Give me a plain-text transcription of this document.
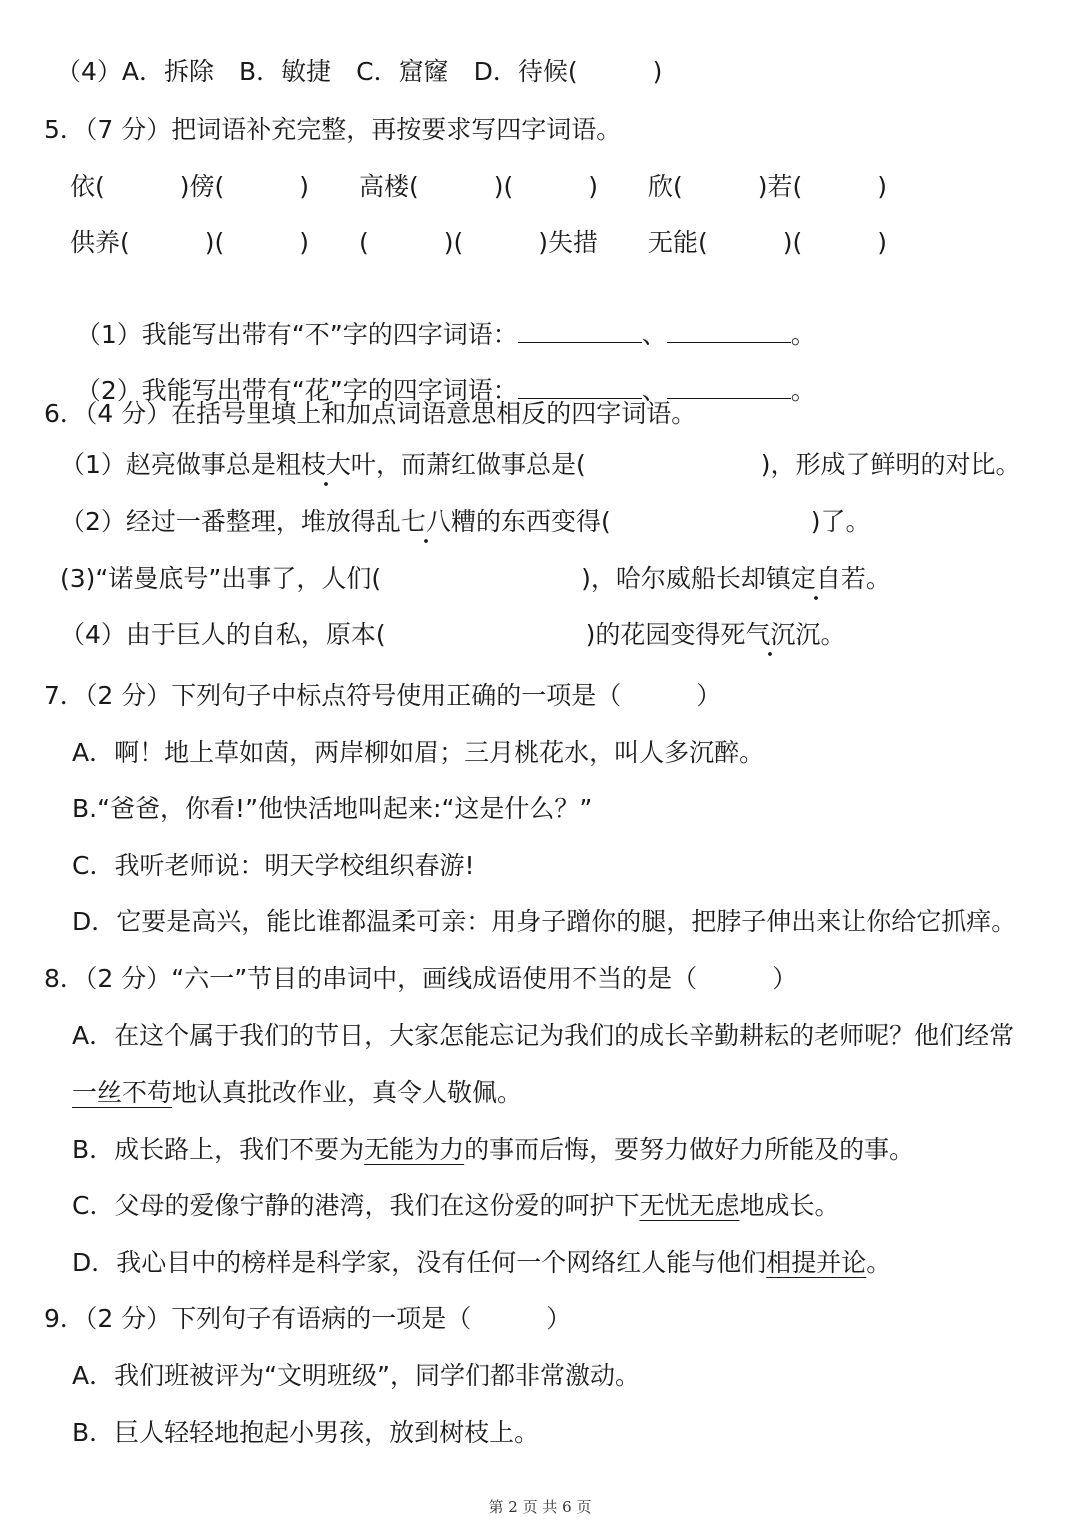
（4）A．拆除　B．敏捷　C．窟窿　D．待候(　　　)
5．（7 分）把词语补充完整，再按要求写四字词语。
依(　　　)傍(　　　)　　高楼(　　　)(　　　)　　欣(　　　)若(　　　)
供养(　　　)(　　　)　　(　　　)(　　　)失措　　无能(　　　)(　　　)

（1）我能写出带有“不”字的四字词语：	、	。

（2）我能写出带有“花”字的四字词语：	、	。

6．（4 分）在括号里填上和加点词语意思相反的四字词语。
（1）赵亮做事总是粗枝大叶，而萧红做事总是(　　　　　　　)，形成了鲜明的对比。
（2）经过一番整理，堆放得乱七八糟的东西变得(　　　　　　　　)了。
(3)“诺曼底号”出事了，人们(　　　　　　　　)，哈尔威船长却镇定自若。
（4）由于巨人的自私，原本(　　　　　　　　)的花园变得死气沉沉。
7．（2 分）下列句子中标点符号使用正确的一项是（　　　）
A．啊！地上草如茵，两岸柳如眉；三月桃花水，叫人多沉醉。
B.“爸爸，你看!”他快活地叫起来:“这是什么？”
C．我听老师说：明天学校组织春游!
D．它要是高兴，能比谁都温柔可亲：用身子蹭你的腿，把脖子伸出来让你给它抓痒。
8．（2 分）“六一”节目的串词中，画线成语使用不当的是（　　　）
A．在这个属于我们的节日，大家怎能忘记为我们的成长辛勤耕耘的老师呢？他们经常
一丝不苟地认真批改作业，真令人敬佩。
B．成长路上，我们不要为无能为力的事而后悔，要努力做好力所能及的事。
C．父母的爱像宁静的港湾，我们在这份爱的呵护下无忧无虑地成长。
D．我心目中的榜样是科学家，没有任何一个网络红人能与他们相提并论。
9．（2 分）下列句子有语病的一项是（　　　）
A．我们班被评为“文明班级”，同学们都非常激动。
B．巨人轻轻地抱起小男孩，放到树枝上。
第 2 页 共 6 页
